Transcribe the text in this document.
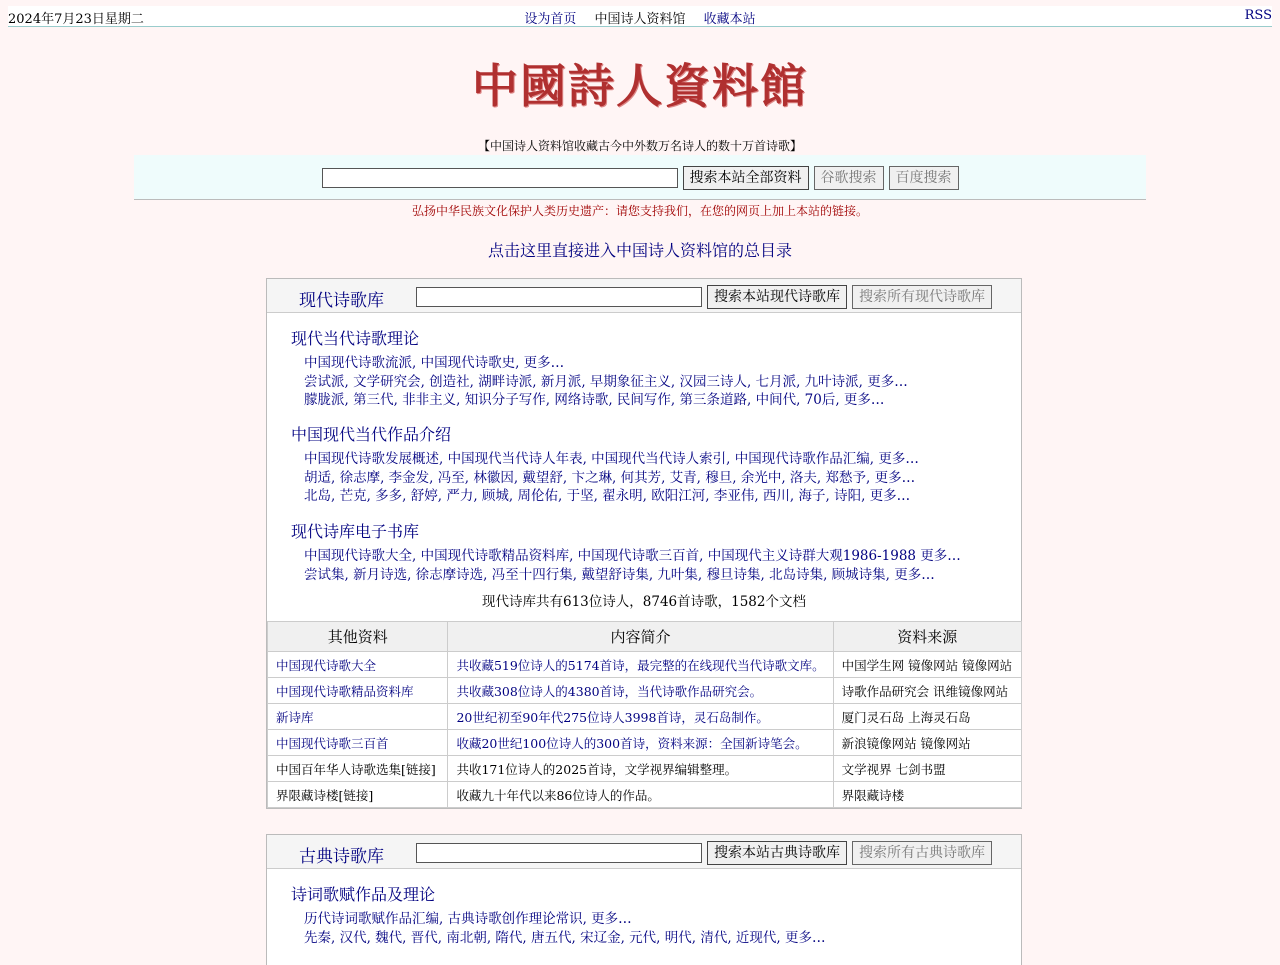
2024年7月23日星期二	设为首页 中国诗人资料馆 收藏本站	RSS
中國詩人資料館
【中国诗人资料馆收藏古今中外数万名诗人的数十万首诗歌】
搜索本站全部资料 谷歌搜索 百度搜索
弘扬中华民族文化保护人类历史遗产：请您支持我们，在您的网页上加上本站的链接。
点击这里直接进入中国诗人资料馆的总目录
现代诗歌库	搜索本站现代诗歌库 搜索所有现代诗歌库
现代当代诗歌理论
中国现代诗歌流派, 中国现代诗歌史, 更多…
尝试派, 文学研究会, 创造社, 湖畔诗派, 新月派, 早期象征主义, 汉园三诗人, 七月派, 九叶诗派, 更多…
朦胧派, 第三代, 非非主义, 知识分子写作, 网络诗歌, 民间写作, 第三条道路, 中间代, 70后, 更多…
中国现代当代作品介绍
中国现代诗歌发展概述, 中国现代当代诗人年表, 中国现代当代诗人索引, 中国现代诗歌作品汇编, 更多…
胡适, 徐志摩, 李金发, 冯至, 林徽因, 戴望舒, 卞之琳, 何其芳, 艾青, 穆旦, 余光中, 洛夫, 郑愁予, 更多…
北岛, 芒克, 多多, 舒婷, 严力, 顾城, 周伦佑, 于坚, 翟永明, 欧阳江河, 李亚伟, 西川, 海子, 诗阳, 更多…
现代诗库电子书库
中国现代诗歌大全, 中国现代诗歌精品资料库, 中国现代诗歌三百首, 中国现代主义诗群大观1986-1988 更多…
尝试集, 新月诗选, 徐志摩诗选, 冯至十四行集, 戴望舒诗集, 九叶集, 穆旦诗集, 北岛诗集, 顾城诗集, 更多…
现代诗库共有613位诗人，8746首诗歌，1582个文档
其他资料	内容简介	资料来源
中国现代诗歌大全	共收藏519位诗人的5174首诗，最完整的在线现代当代诗歌文库。	中国学生网 镜像网站 镜像网站
中国现代诗歌精品资料库	共收藏308位诗人的4380首诗，当代诗歌作品研究会。	诗歌作品研究会 讯维镜像网站
新诗库	20世纪初至90年代275位诗人3998首诗，灵石岛制作。	厦门灵石岛 上海灵石岛
中国现代诗歌三百首	收藏20世纪100位诗人的300首诗，资料来源：全国新诗笔会。	新浪镜像网站 镜像网站
中国百年华人诗歌选集[链接]	共收171位诗人的2025首诗，文学视界编辑整理。	文学视界 七剑书盟
界限藏诗楼[链接]	收藏九十年代以来86位诗人的作品。	界限藏诗楼
古典诗歌库	搜索本站古典诗歌库 搜索所有古典诗歌库
诗词歌赋作品及理论
历代诗词歌赋作品汇编, 古典诗歌创作理论常识, 更多…
先秦, 汉代, 魏代, 晋代, 南北朝, 隋代, 唐五代, 宋辽金, 元代, 明代, 清代, 近现代, 更多…
